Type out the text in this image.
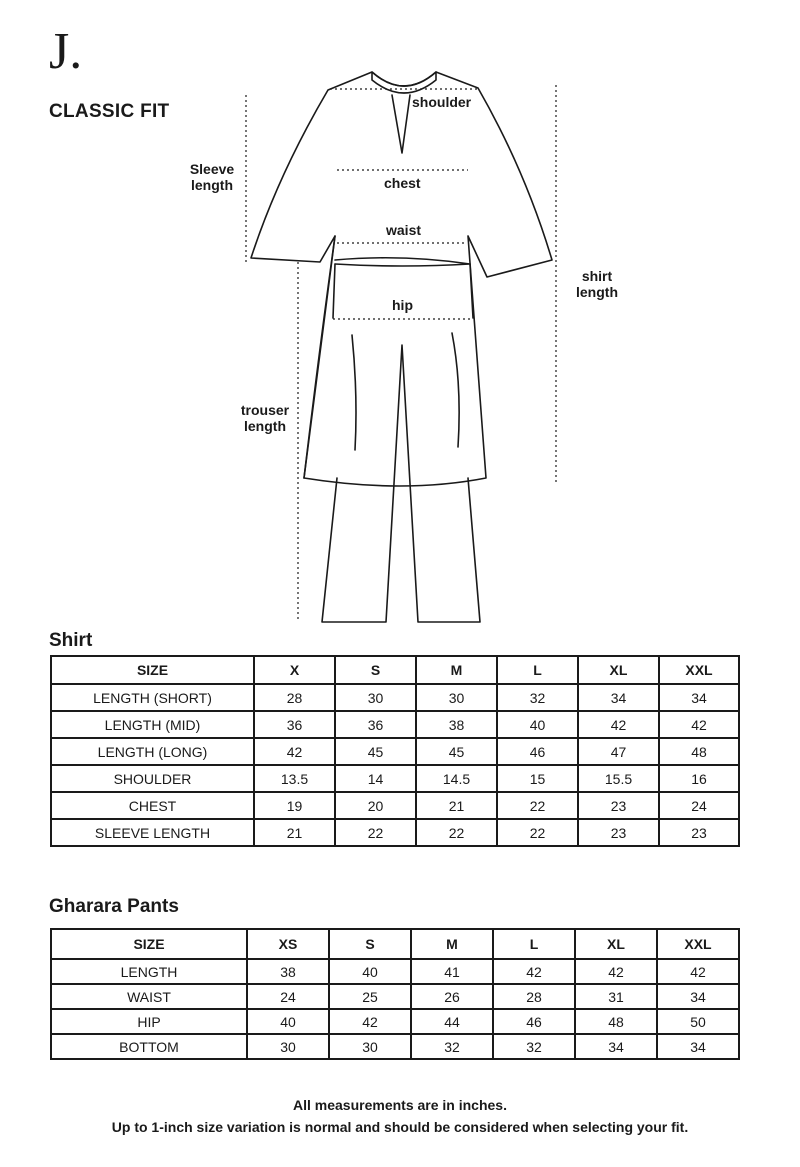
J.
CLASSIC FIT	shoulder
chest
waist
hip
Sleeve
length
shirt
length
trouser
length
Shirt
SIZE	X	S	M	L	XL	XXL
LENGTH (SHORT)	28	30	30	32	34	34
LENGTH (MID)	36	36	38	40	42	42
LENGTH (LONG)	42	45	45	46	47	48
SHOULDER	13.5	14	14.5	15	15.5	16
CHEST	19	20	21	22	23	24
SLEEVE LENGTH	21	22	22	22	23	23
Gharara Pants
SIZE	XS	S	M	L	XL	XXL
LENGTH	38	40	41	42	42	42
WAIST	24	25	26	28	31	34
HIP	40	42	44	46	48	50
BOTTOM	30	30	32	32	34	34
All measurements are in inches.
Up to 1-inch size variation is normal and should be considered when selecting your fit.
